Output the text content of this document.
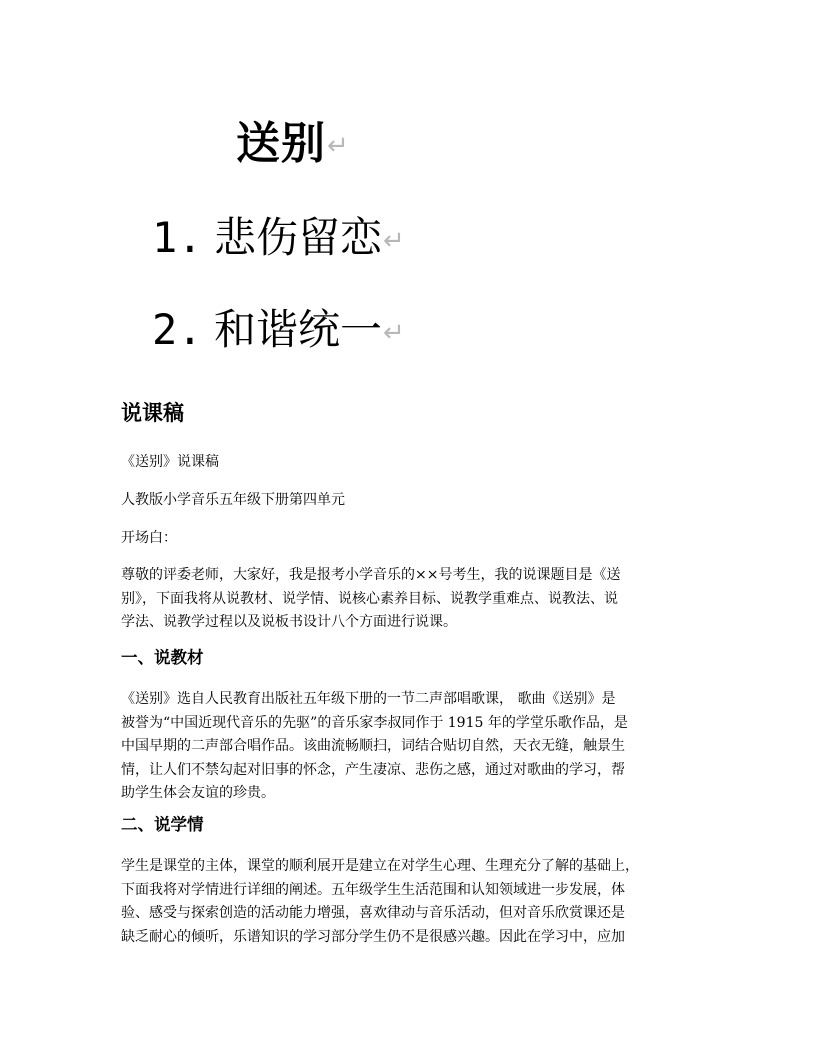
送别↵
1. 悲伤留恋↵
2. 和谐统一↵
说课稿
《送别》说课稿
人教版小学音乐五年级下册第四单元
开场白：
尊敬的评委老师，大家好，我是报考小学音乐的××号考生，我的说课题目是《送
别》，下面我将从说教材、说学情、说核心素养目标、说教学重难点、说教法、说
学法、说教学过程以及说板书设计八个方面进行说课。
一、说教材
《送别》选自人民教育出版社五年级下册的一节二声部唱歌课， 歌曲《送别》是
被誉为“中国近现代音乐的先驱”的音乐家李叔同作于 1915 年的学堂乐歌作品，是
中国早期的二声部合唱作品。该曲流畅顺扫，词结合贴切自然，天衣无缝，触景生
情，让人们不禁勾起对旧事的怀念，产生凄凉、悲伤之感，通过对歌曲的学习，帮
助学生体会友谊的珍贵。
二、说学情
学生是课堂的主体，课堂的顺利展开是建立在对学生心理、生理充分了解的基础上，
下面我将对学情进行详细的阐述。五年级学生生活范围和认知领域进一步发展，体
验、感受与探索创造的活动能力增强，喜欢律动与音乐活动，但对音乐欣赏课还是
缺乏耐心的倾听，乐谱知识的学习部分学生仍不是很感兴趣。因此在学习中，应加
